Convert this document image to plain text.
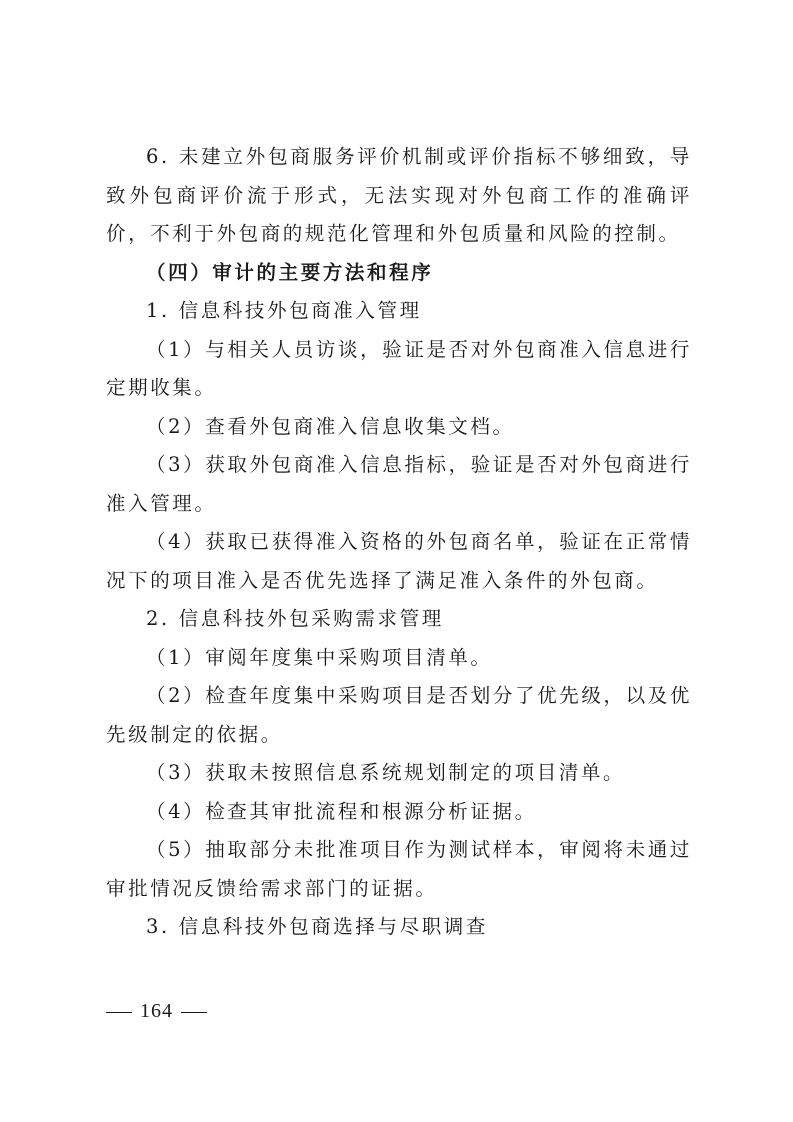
6. 未建立外包商服务评价机制或评价指标不够细致，导致外包商评价流于形式，无法实现对外包商工作的准确评价，不利于外包商的规范化管理和外包质量和风险的控制。

（四）审计的主要方法和程序

1. 信息科技外包商准入管理

（1）与相关人员访谈，验证是否对外包商准入信息进行定期收集。

（2）查看外包商准入信息收集文档。

（3）获取外包商准入信息指标，验证是否对外包商进行准入管理。

（4）获取已获得准入资格的外包商名单，验证在正常情况下的项目准入是否优先选择了满足准入条件的外包商。

2. 信息科技外包采购需求管理

（1）审阅年度集中采购项目清单。

（2）检查年度集中采购项目是否划分了优先级，以及优先级制定的依据。

（3）获取未按照信息系统规划制定的项目清单。

（4）检查其审批流程和根源分析证据。

（5）抽取部分未批准项目作为测试样本，审阅将未通过审批情况反馈给需求部门的证据。

3. 信息科技外包商选择与尽职调查

164
